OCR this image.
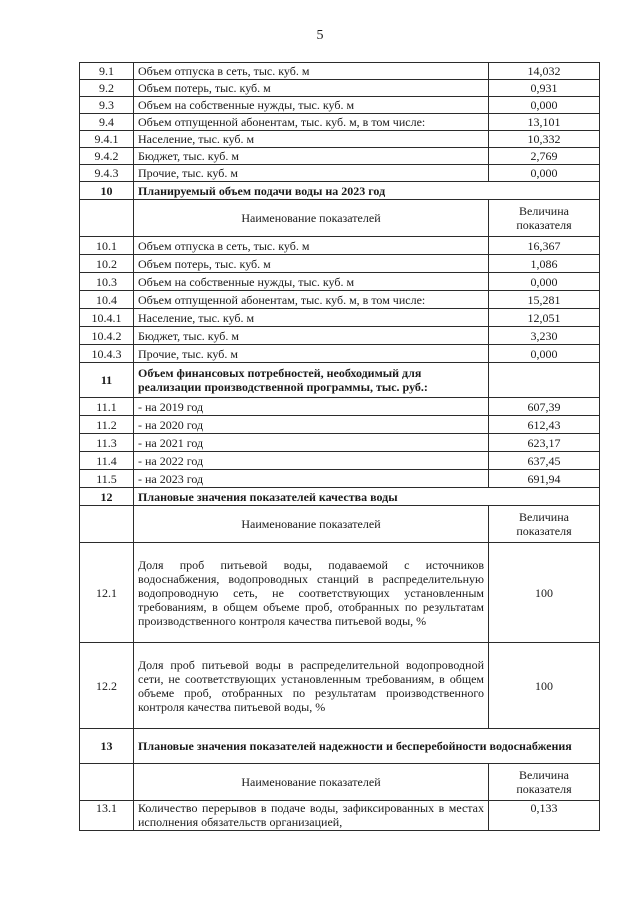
5
9.1	Объем отпуска в сеть, тыс. куб. м	14,032
9.2	Объем потерь, тыс. куб. м	0,931
9.3	Объем на собственные нужды, тыс. куб. м	0,000
9.4	Объем отпущенной абонентам, тыс. куб. м, в том числе:	13,101
9.4.1	Население, тыс. куб. м	10,332
9.4.2	Бюджет, тыс. куб. м	2,769
9.4.3	Прочие, тыс. куб. м	0,000
10	Планируемый объем подачи воды на 2023 год	
	Наименование показателей	Величина показателя
10.1	Объем отпуска в сеть, тыс. куб. м	16,367
10.2	Объем потерь, тыс. куб. м	1,086
10.3	Объем на собственные нужды, тыс. куб. м	0,000
10.4	Объем отпущенной абонентам, тыс. куб. м, в том числе:	15,281
10.4.1	Население, тыс. куб. м	12,051
10.4.2	Бюджет, тыс. куб. м	3,230
10.4.3	Прочие, тыс. куб. м	0,000
11	Объем финансовых потребностей, необходимый для реализации производственной программы, тыс. руб.:	
11.1	- на 2019 год	607,39
11.2	- на 2020 год	612,43
11.3	- на 2021 год	623,17
11.4	- на 2022 год	637,45
11.5	- на 2023 год	691,94
12	Плановые значения показателей качества воды	
	Наименование показателей	Величина показателя
12.1	Доля проб питьевой воды, подаваемой с источников водоснабжения, водопроводных станций в распределительную водопроводную сеть, не соответствующих установленным требованиям, в общем объеме проб, отобранных по результатам производственного контроля качества питьевой воды, %	100
12.2	Доля проб питьевой воды в распределительной водопроводной сети, не соответствующих установленным требованиям, в общем объеме проб, отобранных по результатам производственного контроля качества питьевой воды, %	100
13	Плановые значения показателей надежности и бесперебойности водоснабжения	
	Наименование показателей	Величина показателя
13.1	Количество перерывов в подаче воды, зафиксированных в местах исполнения обязательств организацией,	0,133
